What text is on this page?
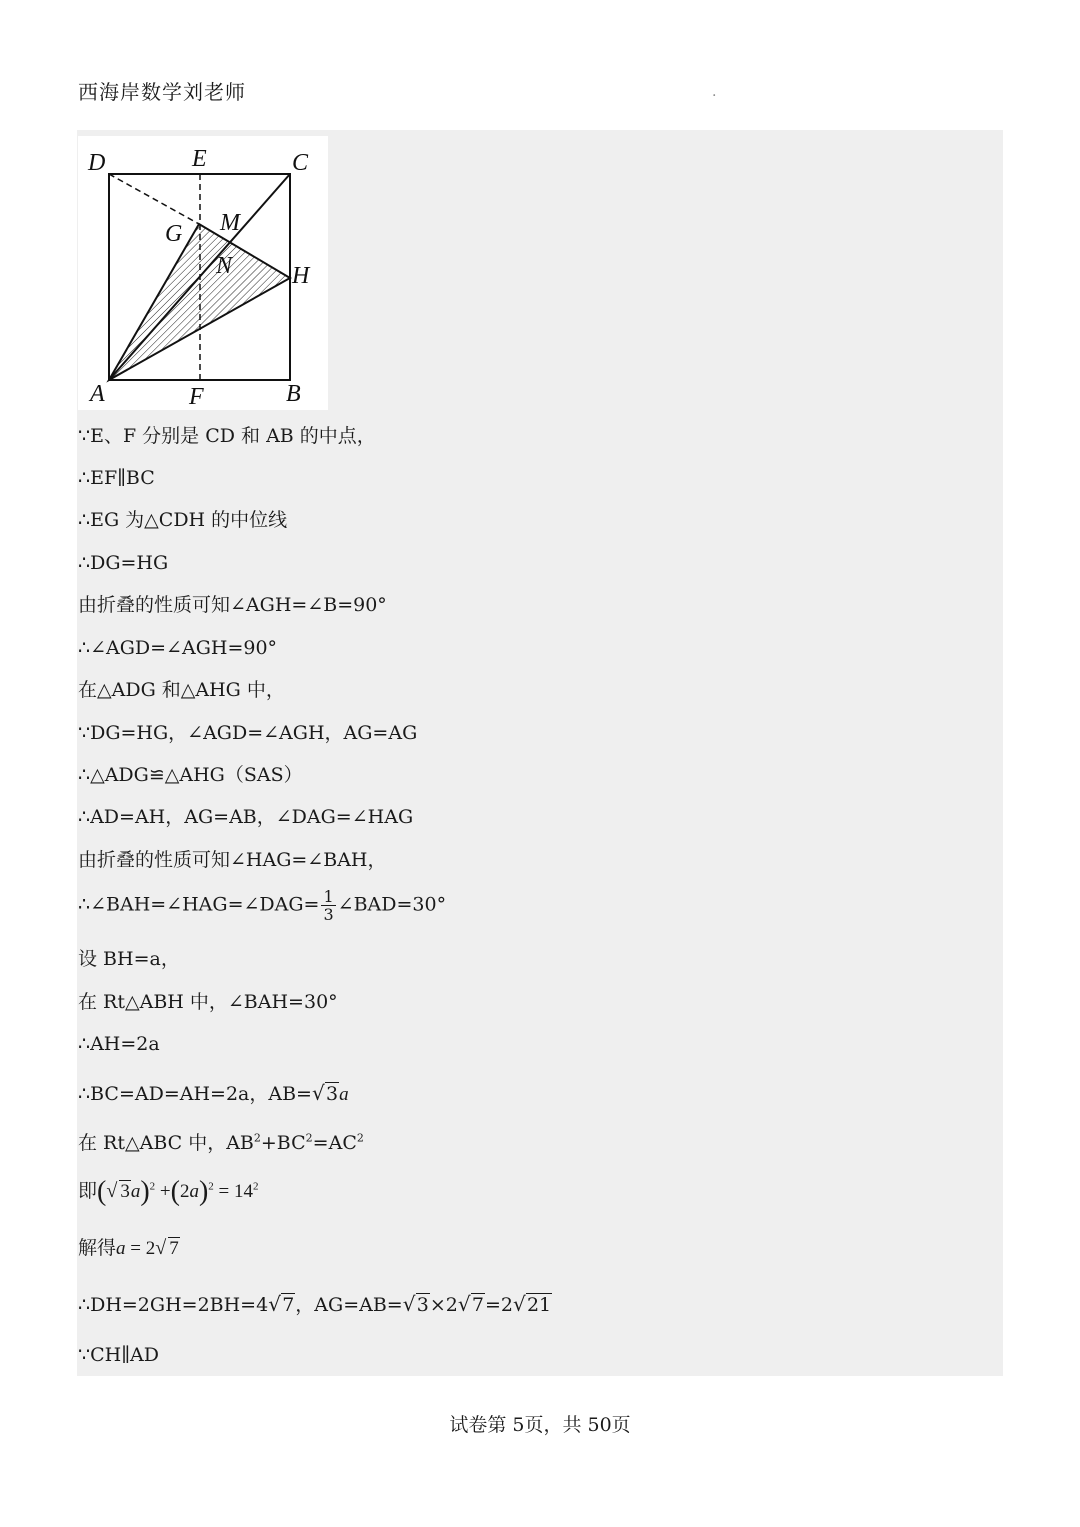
西海岸数学刘老师	.
D	E	C
G M
N H
A	F	B
∵E、F 分别是 CD 和 AB 的中点，
∴EF∥BC
∴EG 为△CDH 的中位线
∴DG=HG
由折叠的性质可知∠AGH=∠B=90°
∴∠AGD=∠AGH=90°
在△ADG 和△AHG 中，
∵DG=HG，∠AGD=∠AGH，AG=AG
∴△ADG≌△AHG（SAS）
∴AD=AH，AG=AB，∠DAG=∠HAG
由折叠的性质可知∠HAG=∠BAH，
∴∠BAH=∠HAG=∠DAG= $\frac{1}{3}$ ∠BAD=30°
设 BH=a，
在 Rt△ABH 中，∠BAH=30°
∴AH=2a
∴BC=AD=AH=2a，AB= √ 3a
在 Rt△ABC 中，$AB^2+BC^2=AC^2$
即( √ $3a)^2 +(2a)^2 = 14^2$
解得a = 2 √ 7
∴DH=2GH=2BH=4 √ 7，AG=AB= √ 3×2 √ 7=2 √ 21
∵CH∥AD
试卷第 5页，共 50页
